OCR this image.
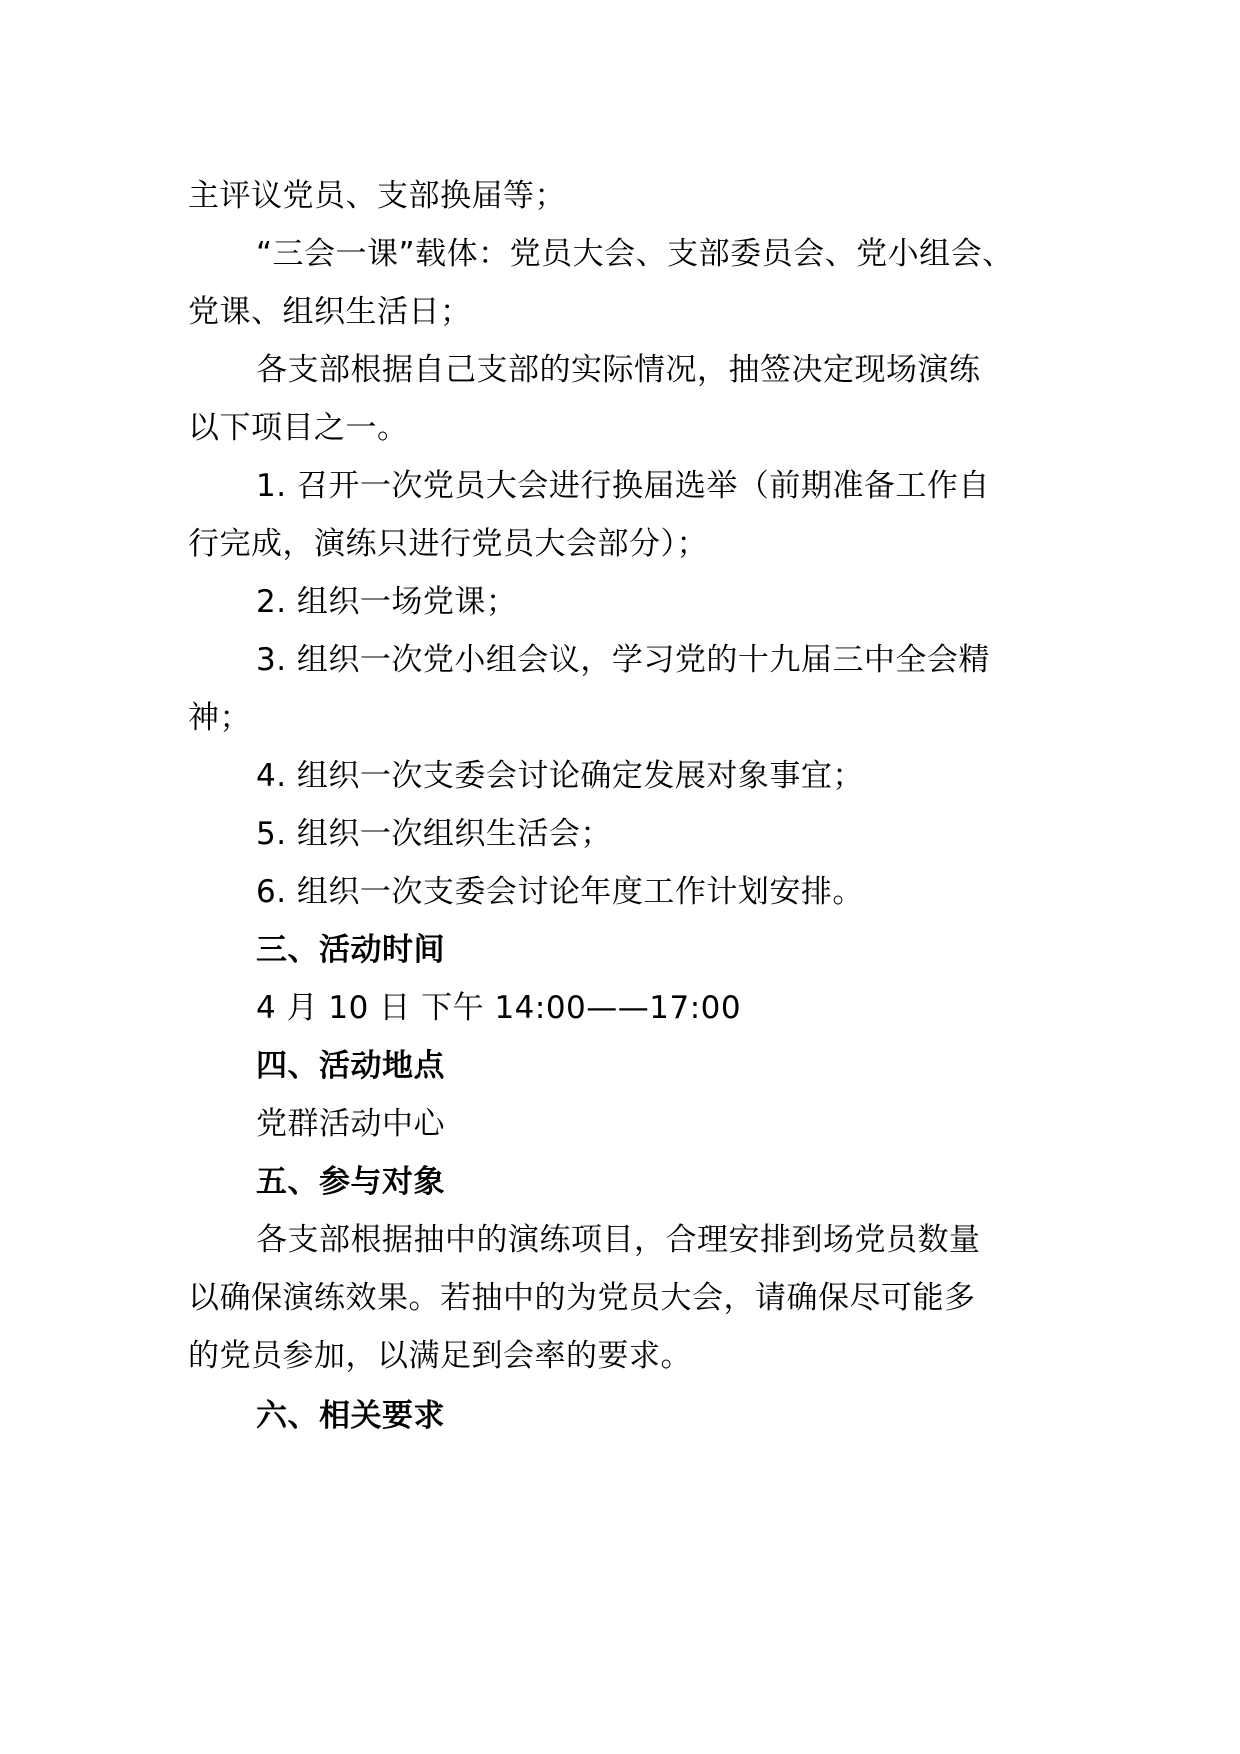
主评议党员、支部换届等；
“三会一课”载体：党员大会、支部委员会、党小组会、
党课、组织生活日；
各支部根据自己支部的实际情况，抽签决定现场演练
以下项目之一。
1. 召开一次党员大会进行换届选举（前期准备工作自
行完成，演练只进行党员大会部分）；
2. 组织一场党课；
3. 组织一次党小组会议，学习党的十九届三中全会精
神；
4. 组织一次支委会讨论确定发展对象事宜；
5. 组织一次组织生活会；
6. 组织一次支委会讨论年度工作计划安排。
三、活动时间
4 月 10 日 下午 14:00——17:00
四、活动地点
党群活动中心
五、参与对象
各支部根据抽中的演练项目，合理安排到场党员数量
以确保演练效果。若抽中的为党员大会，请确保尽可能多
的党员参加，以满足到会率的要求。
六、相关要求
